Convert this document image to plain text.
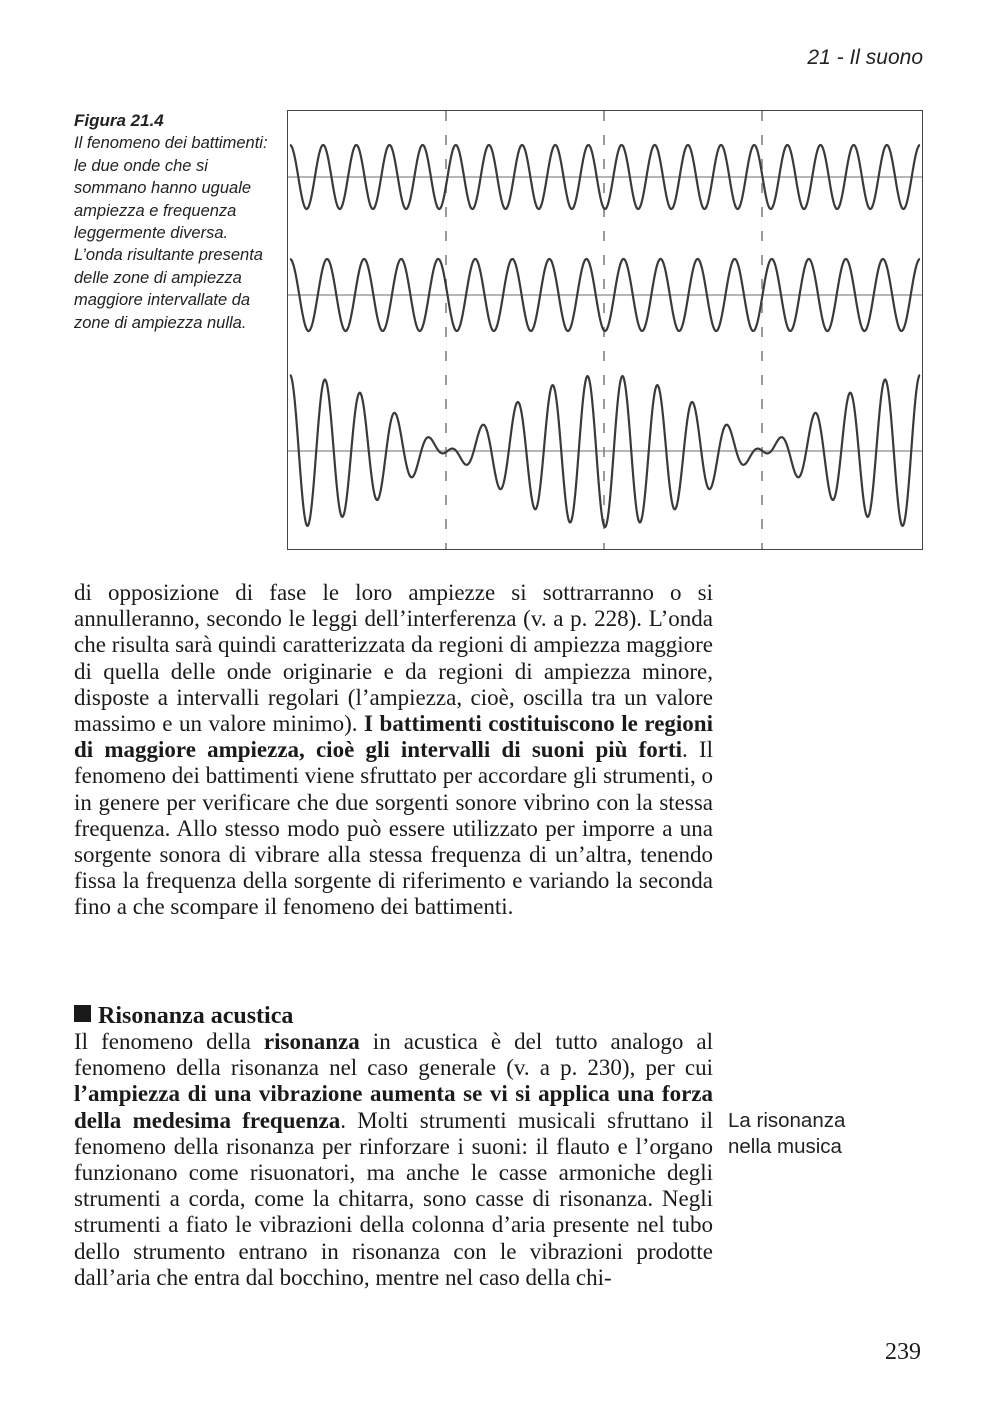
21 - Il suono
Figura 21.4
Il fenomeno dei battimenti: le due onde che si sommano hanno uguale ampiezza e frequenza leggermente diversa. L’onda risultante presenta delle zone di ampiezza maggiore intervallate da zone di ampiezza nulla.

di opposizione di fase le loro ampiezze si sottrarranno o si annulleranno, secondo le leggi dell’interferenza (v. a p. 228). L’onda che risulta sarà quindi caratterizzata da regioni di ampiezza maggiore di quella delle onde originarie e da regioni di ampiezza minore, disposte a intervalli regolari (l’ampiezza, cioè, oscilla tra un valore massimo e un valore minimo). I battimenti costituiscono le regioni di maggiore ampiezza, cioè gli intervalli di suoni più forti. Il fenomeno dei battimenti viene sfruttato per accordare gli strumenti, o in genere per verificare che due sorgenti sonore vibrino con la stessa frequenza. Allo stesso modo può essere utilizzato per imporre a una sorgente sonora di vibrare alla stessa frequenza di un’altra, tenendo fissa la frequenza della sorgente di riferimento e variando la seconda fino a che scompare il fenomeno dei battimenti.

Risonanza acustica

Il fenomeno della risonanza in acustica è del tutto analogo al fenomeno della risonanza nel caso generale (v. a p. 230), per cui l’ampiezza di una vibrazione aumenta se vi si applica una forza della medesima frequenza. Molti strumenti musicali sfruttano il fenomeno della risonanza per rinforzare i suoni: il flauto e l’organo funzionano come risuonatori, ma anche le casse armoniche degli strumenti a corda, come la chitarra, sono casse di risonanza. Negli strumenti a fiato le vibrazioni della colonna d’aria presente nel tubo dello strumento entrano in risonanza con le vibrazioni prodotte dall’aria che entra dal bocchino, mentre nel caso della chi-

La risonanza
nella musica
239
